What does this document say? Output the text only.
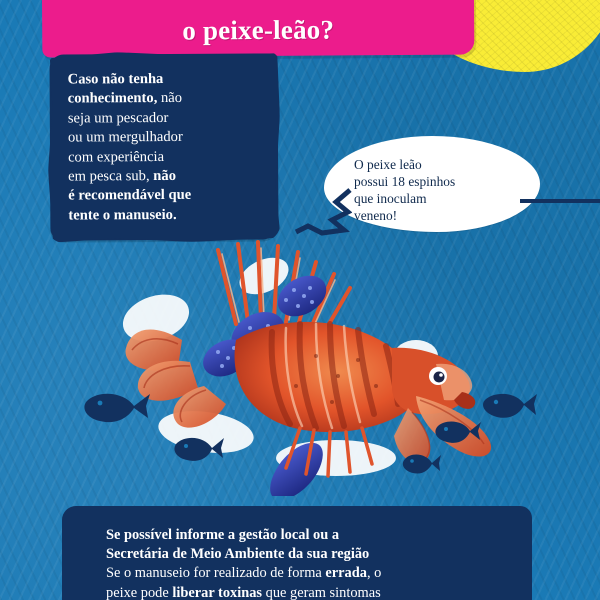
o peixe-leão?
Caso não tenha
conhecimento, não
seja um pescador
ou um mergulhador
com experiência
em pesca sub, não
é recomendável que
tente o manuseio.
O peixe leão
possui 18 espinhos
que inoculam
veneno!
Se possível informe a gestão local ou a
Secretária de Meio Ambiente da sua região
Se o manuseio for realizado de forma errada, o
peixe pode liberar toxinas que geram sintomas
